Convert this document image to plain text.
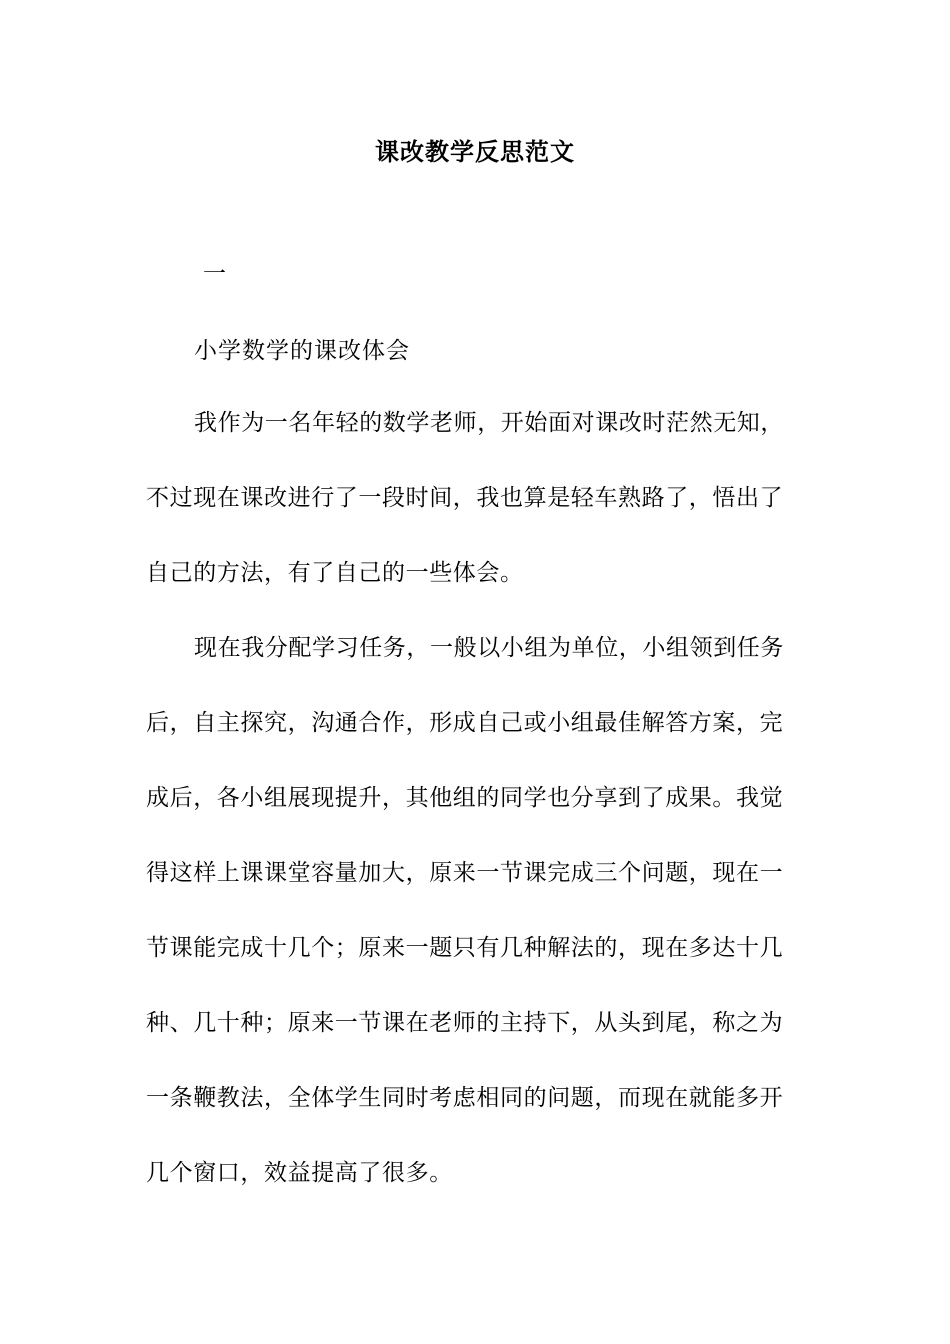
课改教学反思范文
一
小学数学的课改体会
我作为一名年轻的数学老师，开始面对课改时茫然无知，
不过现在课改进行了一段时间，我也算是轻车熟路了，悟出了
自己的方法，有了自己的一些体会。
现在我分配学习任务，一般以小组为单位，小组领到任务
后，自主探究，沟通合作，形成自己或小组最佳解答方案，完
成后，各小组展现提升，其他组的同学也分享到了成果。我觉
得这样上课课堂容量加大，原来一节课完成三个问题，现在一
节课能完成十几个；原来一题只有几种解法的，现在多达十几
种、几十种；原来一节课在老师的主持下，从头到尾，称之为
一条鞭教法，全体学生同时考虑相同的问题，而现在就能多开
几个窗口，效益提高了很多。
